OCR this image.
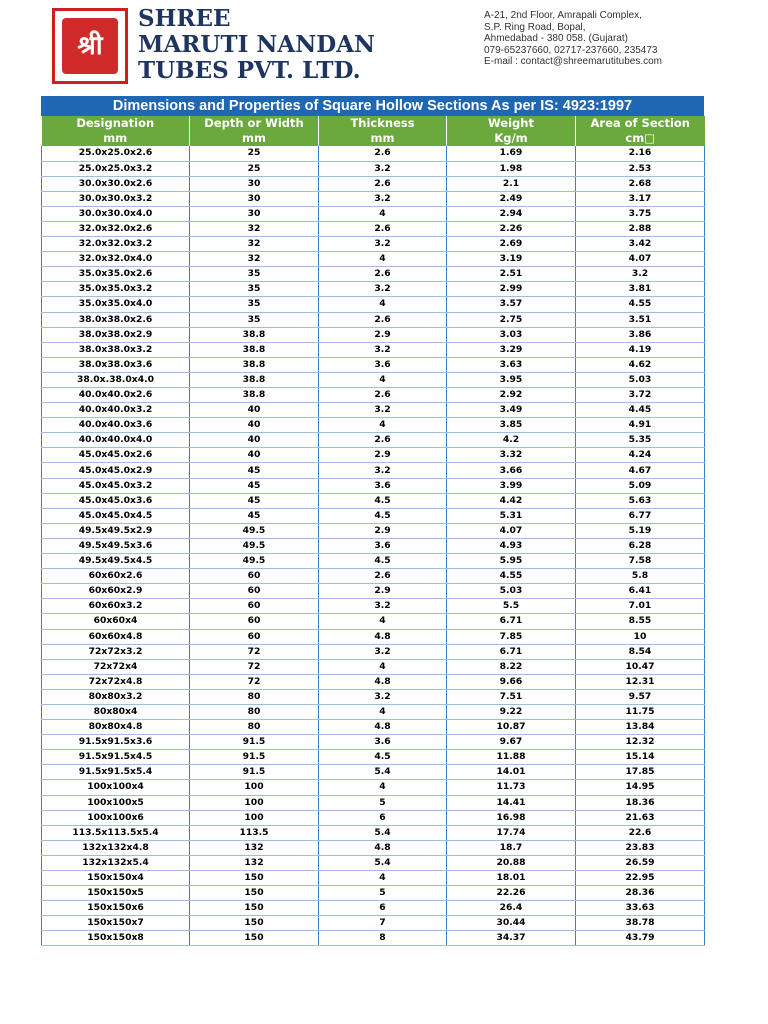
श्री
SHREE
MARUTI NANDAN
TUBES PVT. LTD.
A-21, 2nd Floor, Amrapali Complex,
S.P. Ring Road, Bopal,
Ahmedabad - 380 058. (Gujarat)
079-65237660, 02717-237660, 235473
E-mail : contact@shreemarutitubes.com
Dimensions and Properties of Square Hollow Sections As per IS: 4923:1997
Designation	Depth or Width	Thickness	Weight	Area of Section
mm	mm	mm	Kg/m	cm□
25.0x25.0x2.6	25	2.6	1.69	2.16
25.0x25.0x3.2	25	3.2	1.98	2.53
30.0x30.0x2.6	30	2.6	2.1	2.68
30.0x30.0x3.2	30	3.2	2.49	3.17
30.0x30.0x4.0	30	4	2.94	3.75
32.0x32.0x2.6	32	2.6	2.26	2.88
32.0x32.0x3.2	32	3.2	2.69	3.42
32.0x32.0x4.0	32	4	3.19	4.07
35.0x35.0x2.6	35	2.6	2.51	3.2
35.0x35.0x3.2	35	3.2	2.99	3.81
35.0x35.0x4.0	35	4	3.57	4.55
38.0x38.0x2.6	35	2.6	2.75	3.51
38.0x38.0x2.9	38.8	2.9	3.03	3.86
38.0x38.0x3.2	38.8	3.2	3.29	4.19
38.0x38.0x3.6	38.8	3.6	3.63	4.62
38.0x.38.0x4.0	38.8	4	3.95	5.03
40.0x40.0x2.6	38.8	2.6	2.92	3.72
40.0x40.0x3.2	40	3.2	3.49	4.45
40.0x40.0x3.6	40	4	3.85	4.91
40.0x40.0x4.0	40	2.6	4.2	5.35
45.0x45.0x2.6	40	2.9	3.32	4.24
45.0x45.0x2.9	45	3.2	3.66	4.67
45.0x45.0x3.2	45	3.6	3.99	5.09
45.0x45.0x3.6	45	4.5	4.42	5.63
45.0x45.0x4.5	45	4.5	5.31	6.77
49.5x49.5x2.9	49.5	2.9	4.07	5.19
49.5x49.5x3.6	49.5	3.6	4.93	6.28
49.5x49.5x4.5	49.5	4.5	5.95	7.58
60x60x2.6	60	2.6	4.55	5.8
60x60x2.9	60	2.9	5.03	6.41
60x60x3.2	60	3.2	5.5	7.01
60x60x4	60	4	6.71	8.55
60x60x4.8	60	4.8	7.85	10
72x72x3.2	72	3.2	6.71	8.54
72x72x4	72	4	8.22	10.47
72x72x4.8	72	4.8	9.66	12.31
80x80x3.2	80	3.2	7.51	9.57
80x80x4	80	4	9.22	11.75
80x80x4.8	80	4.8	10.87	13.84
91.5x91.5x3.6	91.5	3.6	9.67	12.32
91.5x91.5x4.5	91.5	4.5	11.88	15.14
91.5x91.5x5.4	91.5	5.4	14.01	17.85
100x100x4	100	4	11.73	14.95
100x100x5	100	5	14.41	18.36
100x100x6	100	6	16.98	21.63
113.5x113.5x5.4	113.5	5.4	17.74	22.6
132x132x4.8	132	4.8	18.7	23.83
132x132x5.4	132	5.4	20.88	26.59
150x150x4	150	4	18.01	22.95
150x150x5	150	5	22.26	28.36
150x150x6	150	6	26.4	33.63
150x150x7	150	7	30.44	38.78
150x150x8	150	8	34.37	43.79
